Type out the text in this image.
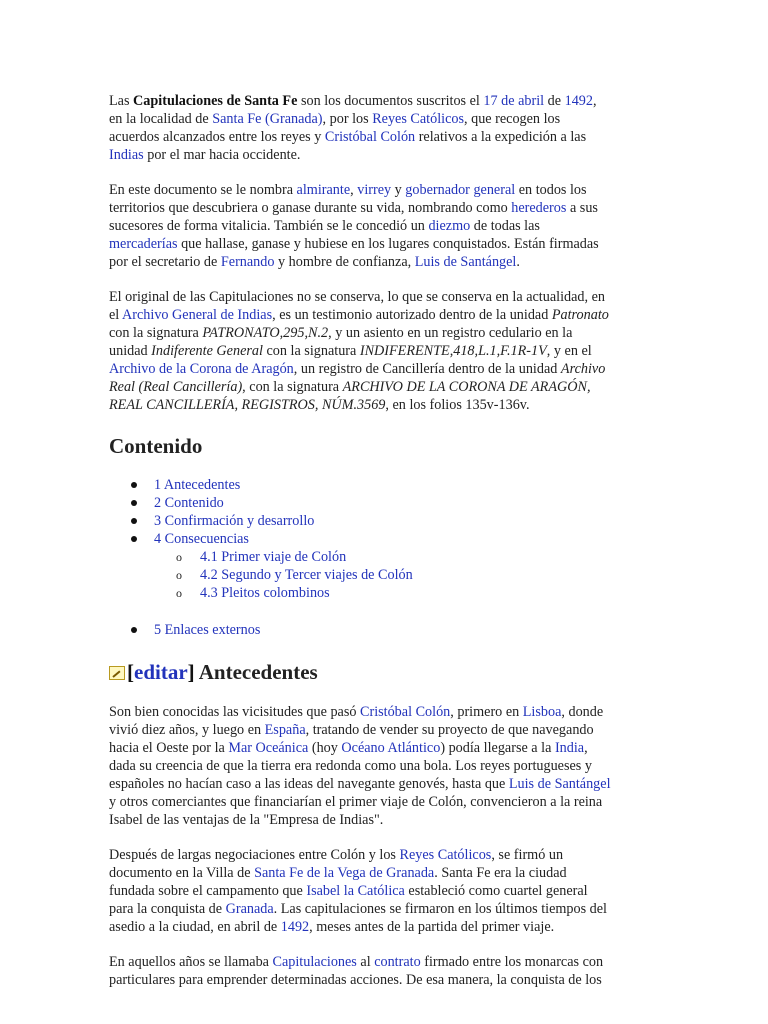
Las Capitulaciones de Santa Fe son los documentos suscritos el 17 de abril de 1492,
en la localidad de Santa Fe (Granada), por los Reyes Católicos, que recogen los
acuerdos alcanzados entre los reyes y Cristóbal Colón relativos a la expedición a las
Indias por el mar hacia occidente.
En este documento se le nombra almirante, virrey y gobernador general en todos los
territorios que descubriera o ganase durante su vida, nombrando como herederos a sus
sucesores de forma vitalicia. También se le concedió un diezmo de todas las
mercaderías que hallase, ganase y hubiese en los lugares conquistados. Están firmadas
por el secretario de Fernando y hombre de confianza, Luis de Santángel.
El original de las Capitulaciones no se conserva, lo que se conserva en la actualidad, en
el Archivo General de Indias, es un testimonio autorizado dentro de la unidad Patronato
con la signatura PATRONATO,295,N.2, y un asiento en un registro cedulario en la
unidad Indiferente General con la signatura INDIFERENTE,418,L.1,F.1R-1V, y en el
Archivo de la Corona de Aragón, un registro de Cancillería dentro de la unidad Archivo
Real (Real Cancillería), con la signatura ARCHIVO DE LA CORONA DE ARAGÓN,
REAL CANCILLERÍA, REGISTROS, NÚM.3569, en los folios 135v-136v.
Contenido
1 Antecedentes
2 Contenido
3 Confirmación y desarrollo
4 Consecuencias
o 4.1 Primer viaje de Colón
o 4.2 Segundo y Tercer viajes de Colón
o 4.3 Pleitos colombinos
5 Enlaces externos
[editar] Antecedentes
Son bien conocidas las vicisitudes que pasó Cristóbal Colón, primero en Lisboa, donde
vivió diez años, y luego en España, tratando de vender su proyecto de que navegando
hacia el Oeste por la Mar Oceánica (hoy Océano Atlántico) podía llegarse a la India,
dada su creencia de que la tierra era redonda como una bola. Los reyes portugueses y
españoles no hacían caso a las ideas del navegante genovés, hasta que Luis de Santángel
y otros comerciantes que financiarían el primer viaje de Colón, convencieron a la reina
Isabel de las ventajas de la "Empresa de Indias".
Después de largas negociaciones entre Colón y los Reyes Católicos, se firmó un
documento en la Villa de Santa Fe de la Vega de Granada. Santa Fe era la ciudad
fundada sobre el campamento que Isabel la Católica estableció como cuartel general
para la conquista de Granada. Las capitulaciones se firmaron en los últimos tiempos del
asedio a la ciudad, en abril de 1492, meses antes de la partida del primer viaje.
En aquellos años se llamaba Capitulaciones al contrato firmado entre los monarcas con
particulares para emprender determinadas acciones. De esa manera, la conquista de los
